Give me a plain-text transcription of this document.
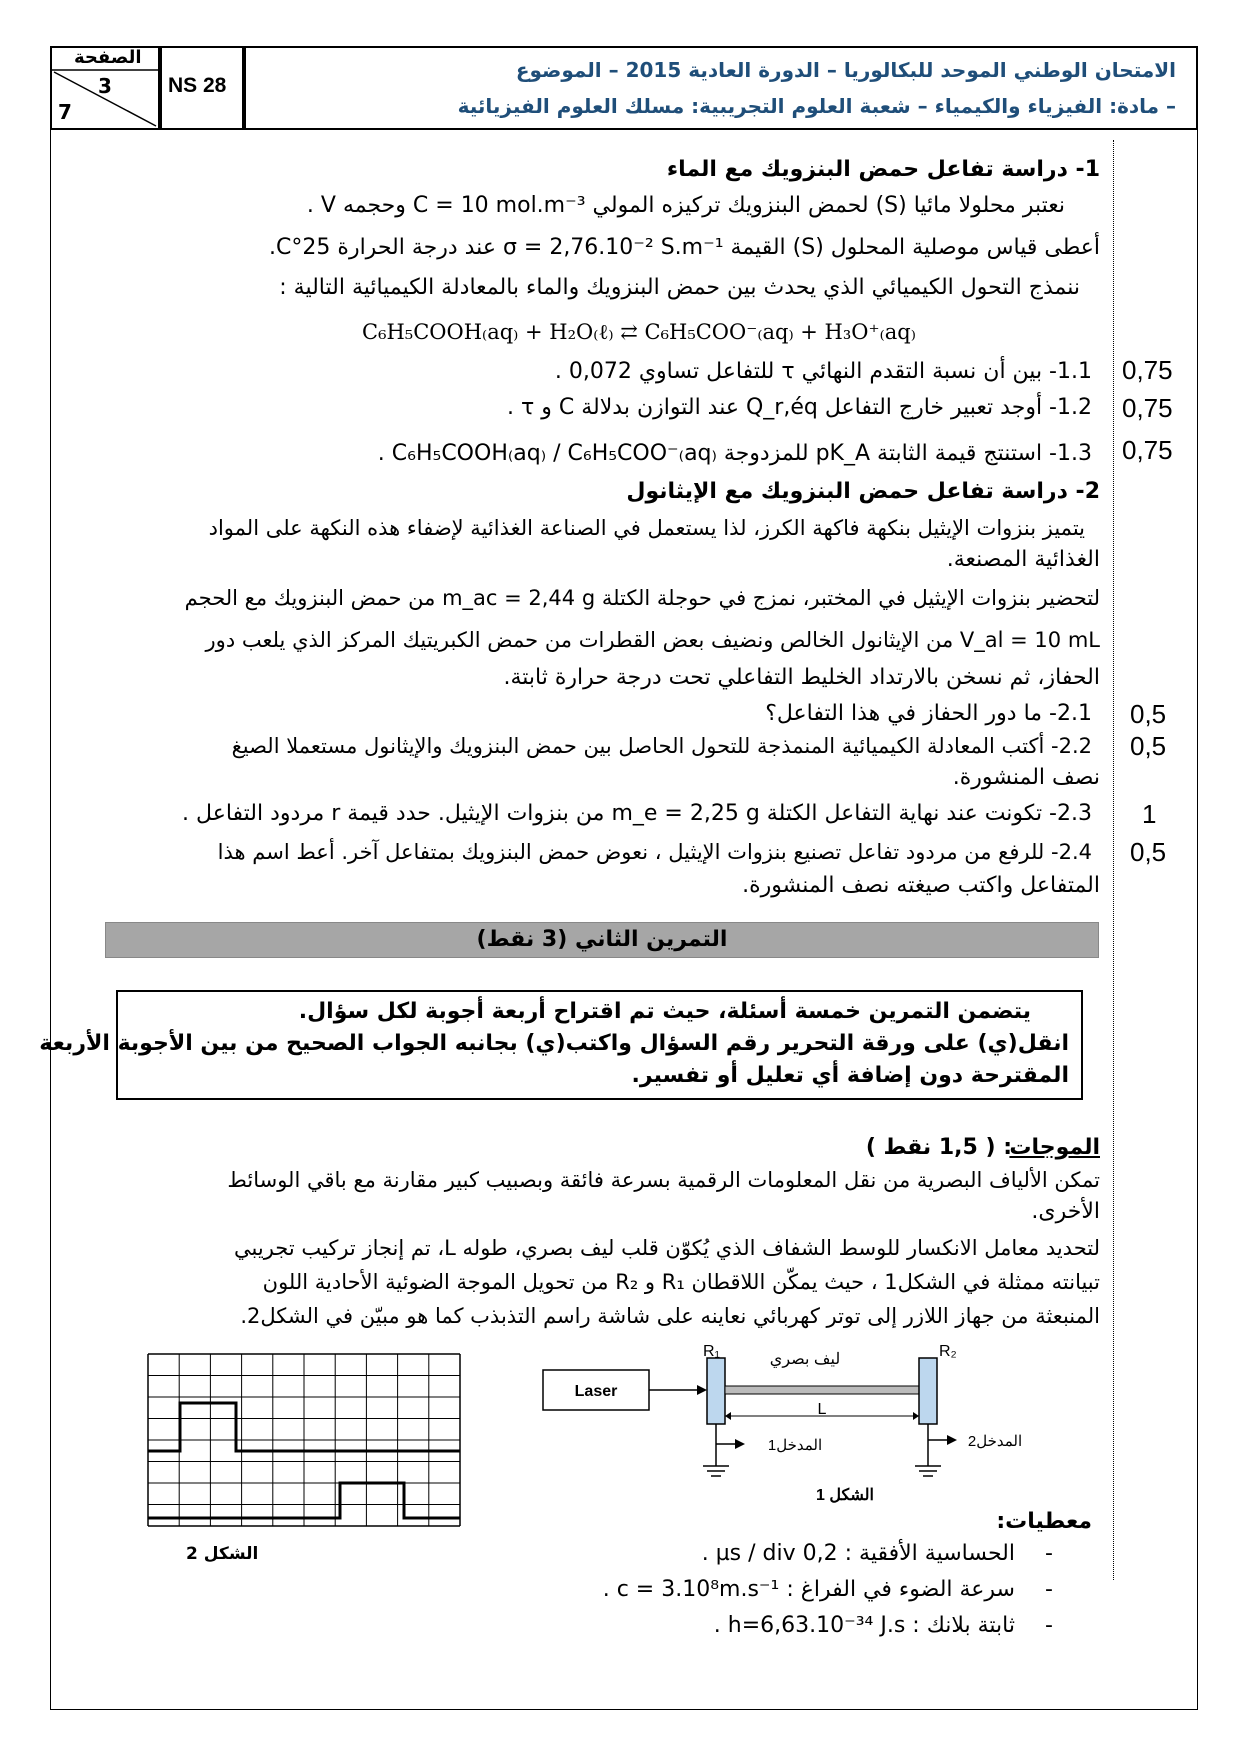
الصفحة
3
7
NS 28
الامتحان الوطني الموحد للبكالوريا – الدورة العادية 2015 – الموضوع
– مادة: الفيزياء والكيمياء – شعبة العلوم التجريبية: مسلك العلوم الفيزيائية
1- دراسة تفاعل حمض البنزويك مع الماء
نعتبر محلولا مائيا (S) لحمض البنزويك تركيزه المولي C = 10 mol.m⁻³ وحجمه V .
أعطى قياس موصلية المحلول (S) القيمة σ = 2,76.10⁻² S.m⁻¹ عند درجة الحرارة 25°C.
ننمذج التحول الكيميائي الذي يحدث بين حمض البنزويك والماء بالمعادلة الكيميائية التالية :
C₆H₅COOH₍aq₎ + H₂O₍ℓ₎ ⇄ C₆H₅COO⁻₍aq₎ + H₃O⁺₍aq₎
1.1- بين أن نسبة التقدم النهائي τ للتفاعل تساوي 0,072 . 0,75
1.2- أوجد تعبير خارج التفاعل Q_r,éq عند التوازن بدلالة C و τ . 0,75
1.3- استنتج قيمة الثابتة pK_A للمزدوجة C₆H₅COOH₍aq₎ / C₆H₅COO⁻₍aq₎ . 0,75
2- دراسة تفاعل حمض البنزويك مع الإيثانول
يتميز بنزوات الإيثيل بنكهة فاكهة الكرز، لذا يستعمل في الصناعة الغذائية لإضفاء هذه النكهة على المواد
الغذائية المصنعة.
لتحضير بنزوات الإيثيل في المختبر، نمزج في حوجلة الكتلة m_ac = 2,44 g من حمض البنزويك مع الحجم
V_al = 10 mL من الإيثانول الخالص ونضيف بعض القطرات من حمض الكبريتيك المركز الذي يلعب دور
الحفاز، ثم نسخن بالارتداد الخليط التفاعلي تحت درجة حرارة ثابتة.
2.1- ما دور الحفاز في هذا التفاعل؟ 0,5
2.2- أكتب المعادلة الكيميائية المنمذجة للتحول الحاصل بين حمض البنزويك والإيثانول مستعملا الصيغ 0,5
نصف المنشورة.
2.3- تكونت عند نهاية التفاعل الكتلة m_e = 2,25 g من بنزوات الإيثيل. حدد قيمة r مردود التفاعل . 1
2.4- للرفع من مردود تفاعل تصنيع بنزوات الإيثيل ، نعوض حمض البنزويك بمتفاعل آخر. أعط اسم هذا 0,5
المتفاعل واكتب صيغته نصف المنشورة.
التمرين الثاني (3 نقط)
يتضمن التمرين خمسة أسئلة، حيث تم اقتراح أربعة أجوبة لكل سؤال.
انقل(ي) على ورقة التحرير رقم السؤال واكتب(ي) بجانبه الجواب الصحيح من بين الأجوبة الأربعة
المقترحة دون إضافة أي تعليل أو تفسير.
الموجات
: ( 1,5 نقط )
تمكن الألياف البصرية من نقل المعلومات الرقمية بسرعة فائقة وبصبيب كبير مقارنة مع باقي الوسائط
الأخرى.
لتحديد معامل الانكسار للوسط الشفاف الذي يُكوّن قلب ليف بصري، طوله L، تم إنجاز تركيب تجريبي
تبيانته ممثلة في الشكل1 ، حيث يمكّن اللاقطان R₁ و R₂ من تحويل الموجة الضوئية الأحادية اللون
المنبعثة من جهاز اللازر إلى توتر كهربائي نعاينه على شاشة راسم التذبذب كما هو مبيّن في الشكل2.
Laser
R₁	ليف بصري	R₂
L
المدخل1	المدخل2
الشكل 1
الشكل 2
معطيات:
-
الحساسية الأفقية : 0,2 µs / div .
-
سرعة الضوء في الفراغ : c = 3.10⁸m.s⁻¹ .
-
ثابتة بلانك : h=6,63.10⁻³⁴ J.s .
